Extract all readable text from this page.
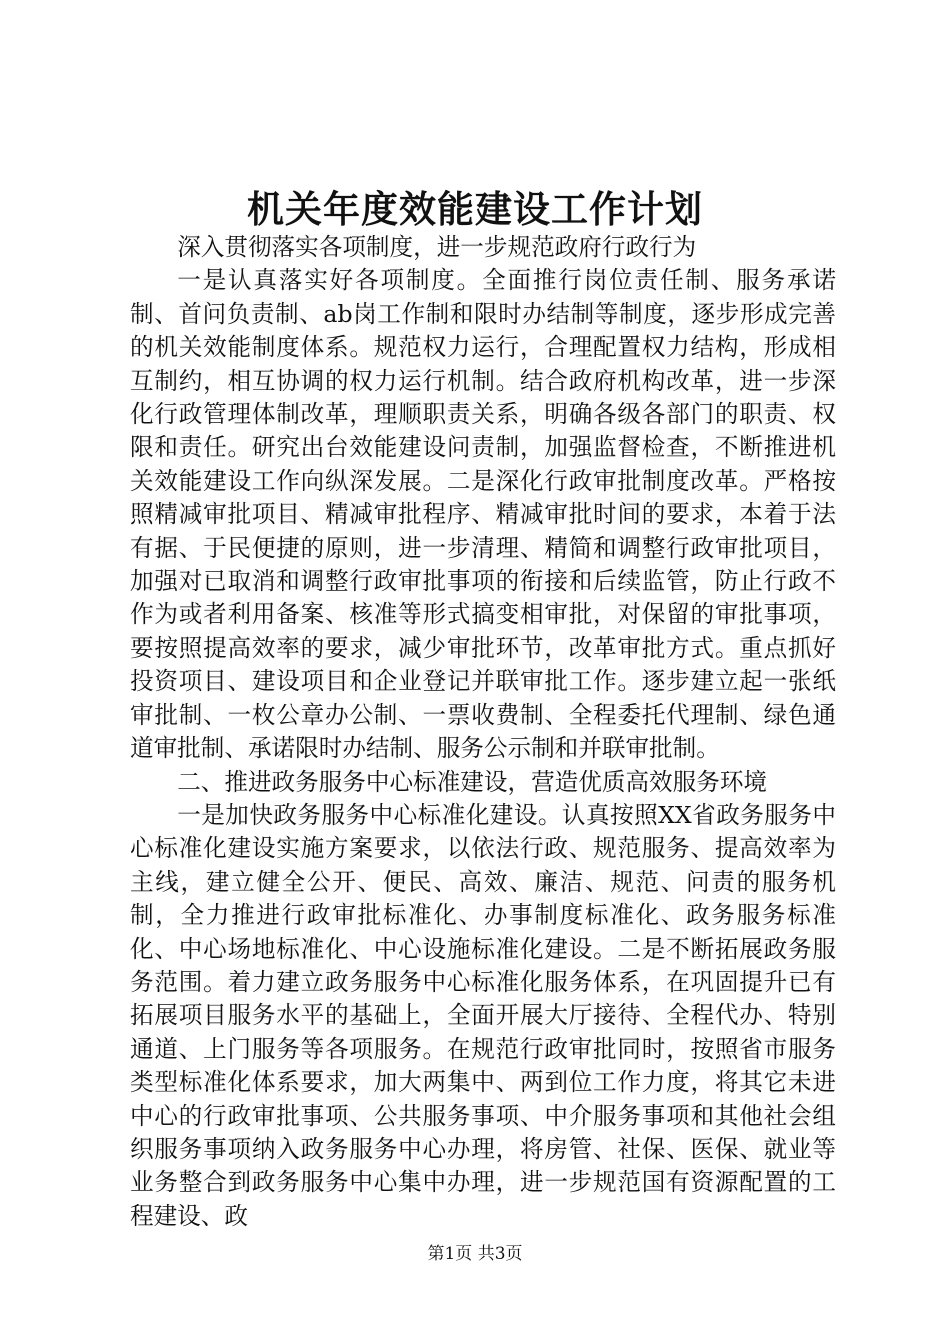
机关年度效能建设工作计划

深入贯彻落实各项制度，进一步规范政府行政行为

一是认真落实好各项制度。全面推行岗位责任制、服务承诺制、首问负责制、ab岗工作制和限时办结制等制度，逐步形成完善的机关效能制度体系。规范权力运行，合理配置权力结构，形成相互制约，相互协调的权力运行机制。结合政府机构改革，进一步深化行政管理体制改革，理顺职责关系，明确各级各部门的职责、权限和责任。研究出台效能建设问责制，加强监督检查，不断推进机关效能建设工作向纵深发展。二是深化行政审批制度改革。严格按照精减审批项目、精减审批程序、精减审批时间的要求，本着于法有据、于民便捷的原则，进一步清理、精简和调整行政审批项目，加强对已取消和调整行政审批事项的衔接和后续监管，防止行政不作为或者利用备案、核准等形式搞变相审批，对保留的审批事项，要按照提高效率的要求，减少审批环节，改革审批方式。重点抓好投资项目、建设项目和企业登记并联审批工作。逐步建立起一张纸审批制、一枚公章办公制、一票收费制、全程委托代理制、绿色通道审批制、承诺限时办结制、服务公示制和并联审批制。

二、推进政务服务中心标准建设，营造优质高效服务环境

一是加快政务服务中心标准化建设。认真按照XX省政务服务中心标准化建设实施方案要求，以依法行政、规范服务、提高效率为主线，建立健全公开、便民、高效、廉洁、规范、问责的服务机制，全力推进行政审批标准化、办事制度标准化、政务服务标准化、中心场地标准化、中心设施标准化建设。二是不断拓展政务服务范围。着力建立政务服务中心标准化服务体系，在巩固提升已有拓展项目服务水平的基础上，全面开展大厅接待、全程代办、特别通道、上门服务等各项服务。在规范行政审批同时，按照省市服务类型标准化体系要求，加大两集中、两到位工作力度，将其它未进中心的行政审批事项、公共服务事项、中介服务事项和其他社会组织服务事项纳入政务服务中心办理，将房管、社保、医保、就业等业务整合到政务服务中心集中办理，进一步规范国有资源配置的工程建设、政

第1页 共3页
